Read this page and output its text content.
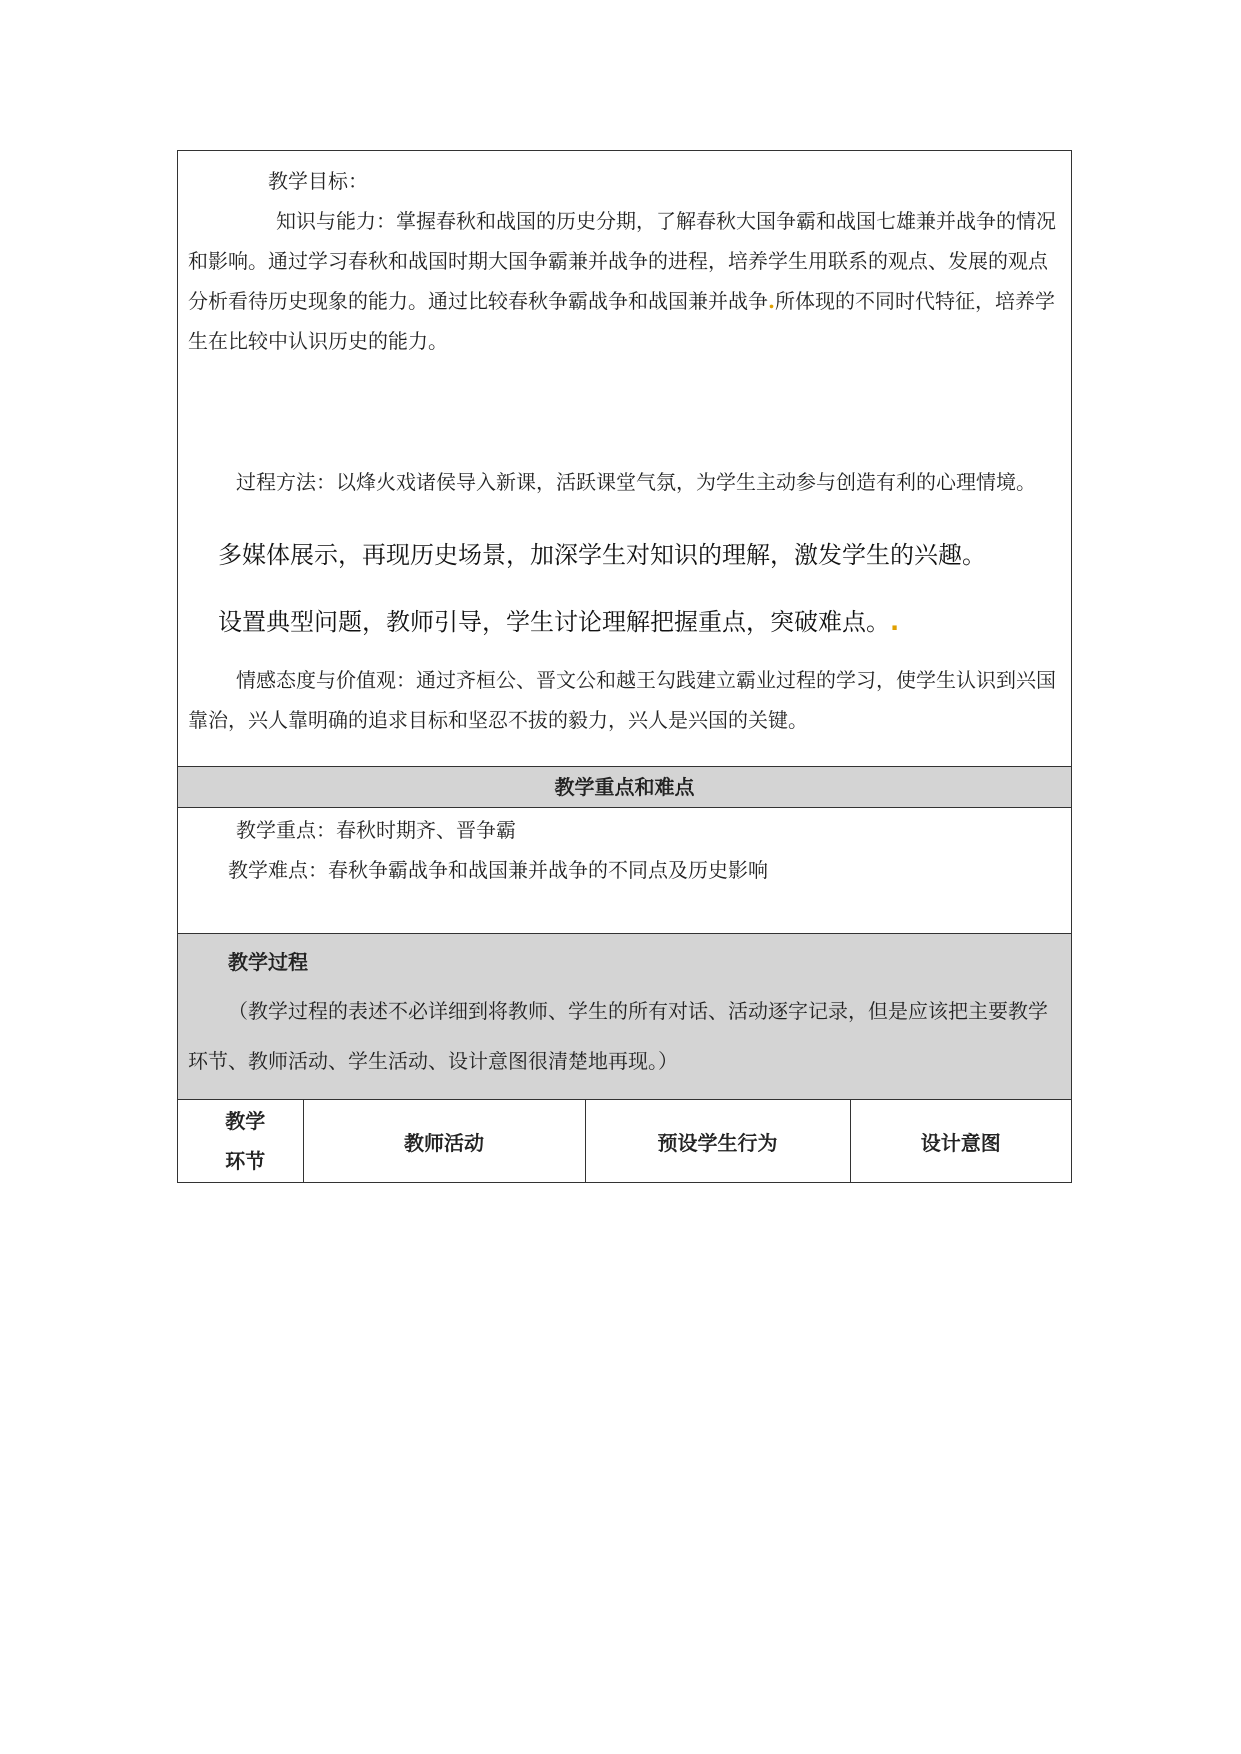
教学目标：

知识与能力：掌握春秋和战国的历史分期，了解春秋大国争霸和战国七雄兼并战争的情况和影响。通过学习春秋和战国时期大国争霸兼并战争的进程，培养学生用联系的观点、发展的观点分析看待历史现象的能力。通过比较春秋争霸战争和战国兼并战争.所体现的不同时代特征，培养学生在比较中认识历史的能力。

过程方法：以烽火戏诸侯导入新课，活跃课堂气氛，为学生主动参与创造有利的心理情境。

多媒体展示，再现历史场景，加深学生对知识的理解，激发学生的兴趣。

设置典型问题，教师引导，学生讨论理解把握重点，突破难点。.

情感态度与价值观：通过齐桓公、晋文公和越王勾践建立霸业过程的学习，使学生认识到兴国靠治，兴人靠明确的追求目标和坚忍不拔的毅力，兴人是兴国的关键。

教学重点和难点

教学重点：春秋时期齐、晋争霸

教学难点：春秋争霸战争和战国兼并战争的不同点及历史影响

教学过程

（教学过程的表述不必详细到将教师、学生的所有对话、活动逐字记录，但是应该把主要教学环节、教师活动、学生活动、设计意图很清楚地再现。）

教学环节	教师活动	预设学生行为	设计意图
